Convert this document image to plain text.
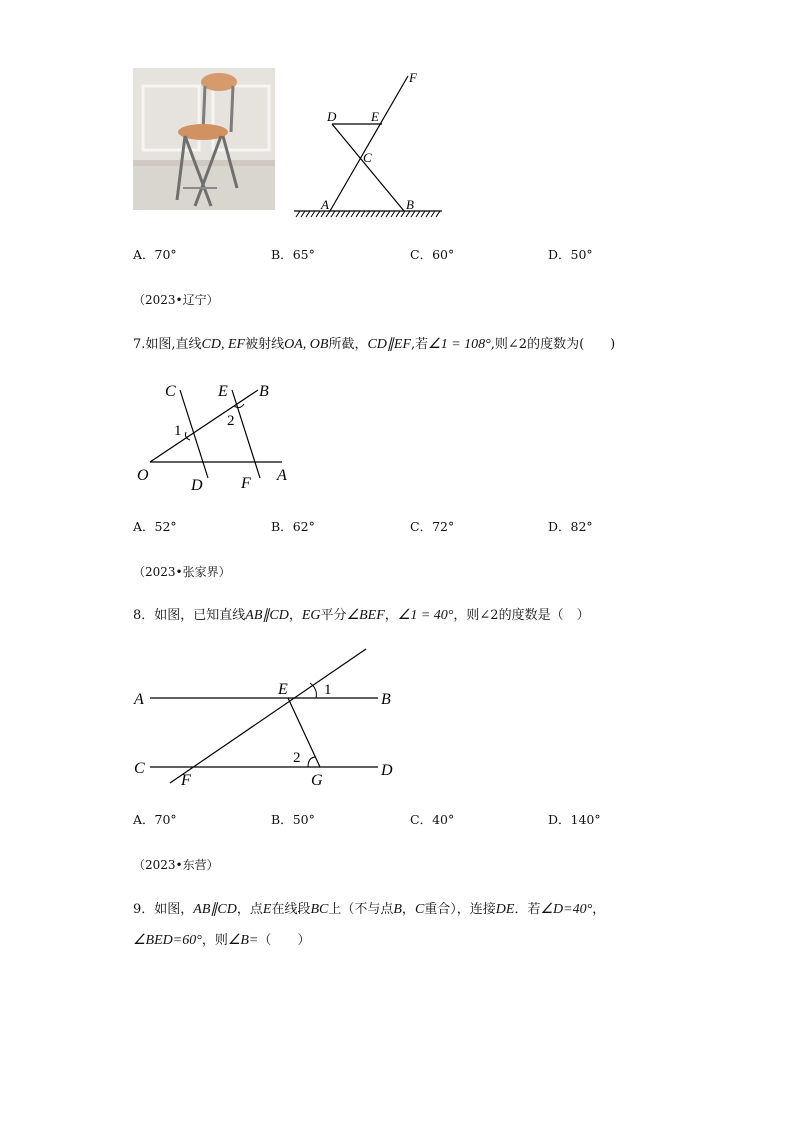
F
D	E
C
A	B
A．70°	B．65°	C．60°	D．50°
（2023•辽宁）
7.如图,直线CD, EF被射线OA, OB所截，CD∥EF,若∠1 = 108°,则∠2的度数为(　　)
C	E B
1
2
O
D F A
A．52°	B．62°	C．72°	D．82°
（2023•张家界）
8．如图，已知直线AB∥CD，EG平分∠BEF，∠1 = 40°，则∠2的度数是（　）
A
E 1
B
2
C
F	G
D
A．70°	B．50°	C．40°	D．140°
（2023•东营）
9．如图，AB∥CD，点E在线段BC上（不与点B，C重合），连接DE．若∠D=40°，
∠BED=60°，则∠B=（　　）
